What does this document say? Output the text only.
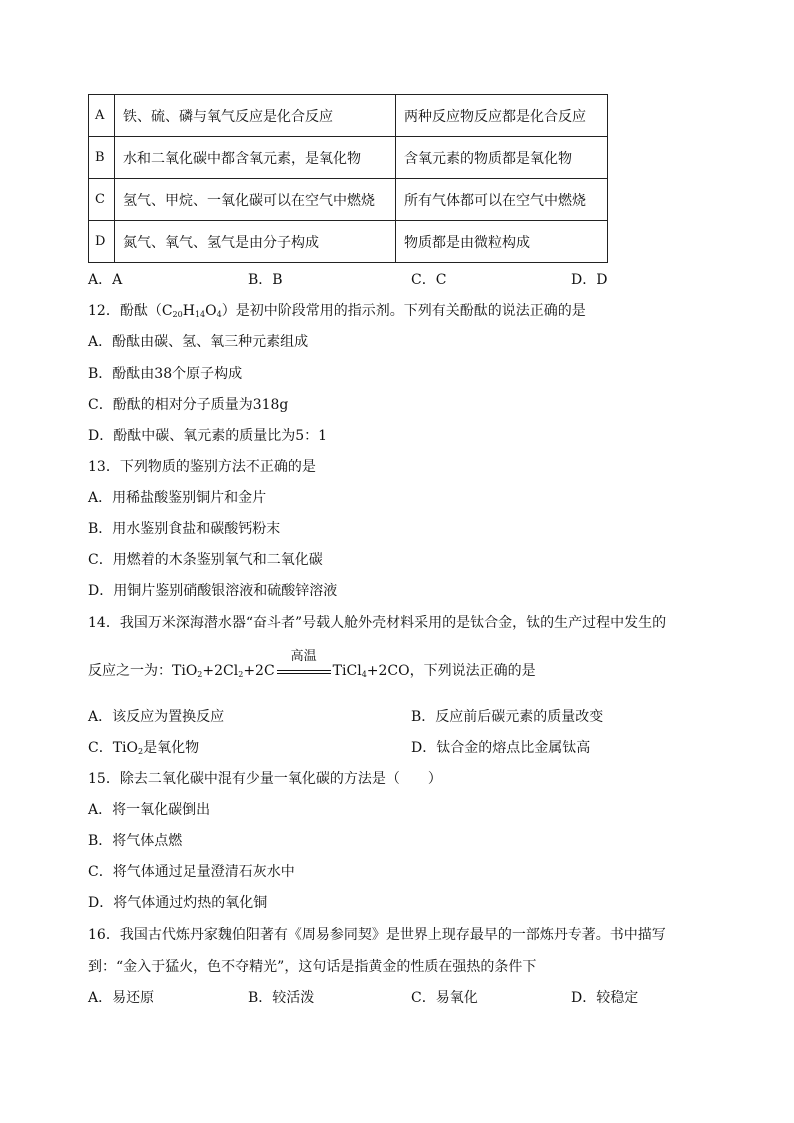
A	铁、硫、磷与氧气反应是化合反应	两种反应物反应都是化合反应
B	水和二氧化碳中都含氧元素，是氧化物	含氧元素的物质都是氧化物
C	氢气、甲烷、一氧化碳可以在空气中燃烧	所有气体都可以在空气中燃烧
D	氮气、氧气、氢气是由分子构成	物质都是由微粒构成
A．A	B．B	C．C	D．D
12．酚酞$(C_{20}H_{14}O_4)$是初中阶段常用的指示剂。下列有关酚酞的说法正确的是
A．酚酞由碳、氢、氧三种元素组成
B．酚酞由38个原子构成
C．酚酞的相对分子质量为318g
D．酚酞中碳、氧元素的质量比为5：1
13．下列物质的鉴别方法不正确的是
A．用稀盐酸鉴别铜片和金片
B．用水鉴别食盐和碳酸钙粉末
C．用燃着的木条鉴别氧气和二氧化碳
D．用铜片鉴别硝酸银溶液和硫酸锌溶液
14．我国万米深海潜水器“奋斗者”号载人舱外壳材料采用的是钛合金，钛的生产过程中发生的
反应之一为：$TiO_2+2Cl_2+2C$
高温
TiCl$_4$+2CO，下列说法正确的是
A．该反应为置换反应	B．反应前后碳元素的质量改变
C．TiO$_2$是氧化物	D．钛合金的熔点比金属钛高
15．除去二氧化碳中混有少量一氧化碳的方法是（　　）
A．将一氧化碳倒出
B．将气体点燃
C．将气体通过足量澄清石灰水中
D．将气体通过灼热的氧化铜
16．我国古代炼丹家魏伯阳著有《周易参同契》是世界上现存最早的一部炼丹专著。书中描写
到：“金入于猛火，色不夺精光”，这句话是指黄金的性质在强热的条件下
A．易还原	B．较活泼	C．易氧化	D．较稳定
